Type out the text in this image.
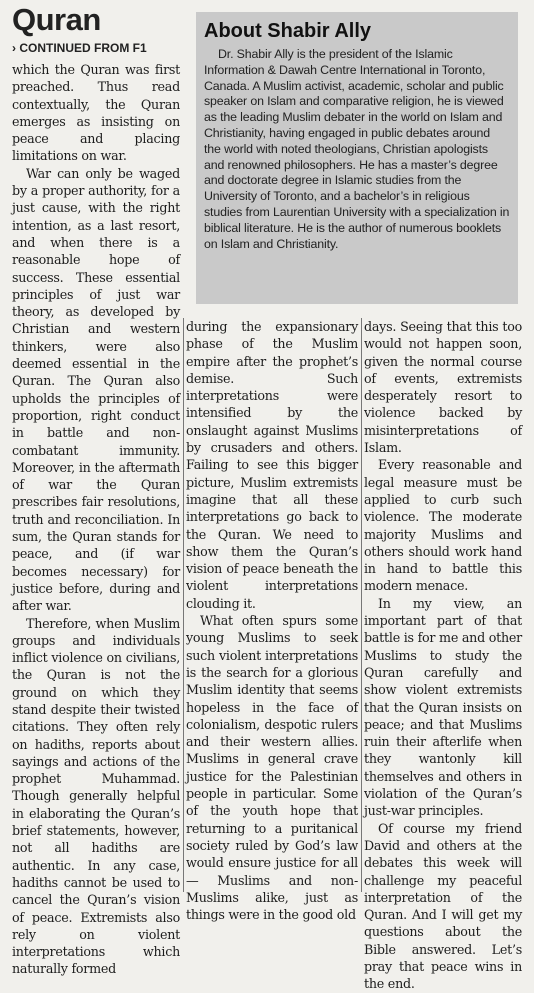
Quran
› CONTINUED FROM F1
About Shabir Ally

Dr. Shabir Ally is the president of the Islamic Information & Dawah Centre International in Toronto, Canada. A Muslim activist, academic, scholar and public speaker on Islam and comparative religion, he is viewed as the leading Muslim debater in the world on Islam and Christianity, having engaged in public debates around the world with noted theologians, Christian apologists and renowned philosophers. He has a master’s degree and doctorate degree in Islamic studies from the University of Toronto, and a bachelor’s in religious studies from Laurentian University with a specialization in biblical literature. He is the author of numerous booklets on Islam and Christianity.

which the Quran was first preached. Thus read contextually, the Quran emerges as insisting on peace and placing limitations on war.

War can only be waged by a proper authority, for a just cause, with the right intention, as a last resort, and when there is a reasonable hope of success. These essential principles of just war theory, as developed by Christian and western thinkers, were also deemed essential in the Quran. The Quran also upholds the principles of proportion, right conduct in battle and non-combatant immunity. Moreover, in the aftermath of war the Quran prescribes fair resolutions, truth and reconciliation. In sum, the Quran stands for peace, and (if war becomes necessary) for justice before, during and after war.

Therefore, when Muslim groups and individuals inflict violence on civilians, the Quran is not the ground on which they stand despite their twisted citations. They often rely on hadiths, reports about sayings and actions of the prophet Muhammad. Though generally helpful in elaborating the Quran’s brief statements, however, not all hadiths are authentic. In any case, hadiths cannot be used to cancel the Quran’s vision of peace. Extremists also rely on violent interpretations which naturally formed

during the expansionary phase of the Muslim empire after the prophet’s demise. Such interpretations were intensified by the onslaught against Muslims by crusaders and others. Failing to see this bigger picture, Muslim extremists imagine that all these interpretations go back to the Quran. We need to show them the Quran’s vision of peace beneath the violent interpretations clouding it.

What often spurs some young Muslims to seek such violent interpretations is the search for a glorious Muslim identity that seems hopeless in the face of colonialism, despotic rulers and their western allies. Muslims in general crave justice for the Palestinian people in particular. Some of the youth hope that returning to a puritanical society ruled by God’s law would ensure justice for all — Muslims and non-Muslims alike, just as things were in the good old

days. Seeing that this too would not happen soon, given the normal course of events, extremists desperately resort to violence backed by misinterpretations of Islam.

Every reasonable and legal measure must be applied to curb such violence. The moderate majority Muslims and others should work hand in hand to battle this modern menace.

In my view, an important part of that battle is for me and other Muslims to study the Quran carefully and show violent extremists that the Quran insists on peace; and that Muslims ruin their afterlife when they wantonly kill themselves and others in violation of the Quran’s just-war principles.

Of course my friend David and others at the debates this week will challenge my peaceful interpretation of the Quran. And I will get my questions about the Bible answered. Let’s pray that peace wins in the end.
